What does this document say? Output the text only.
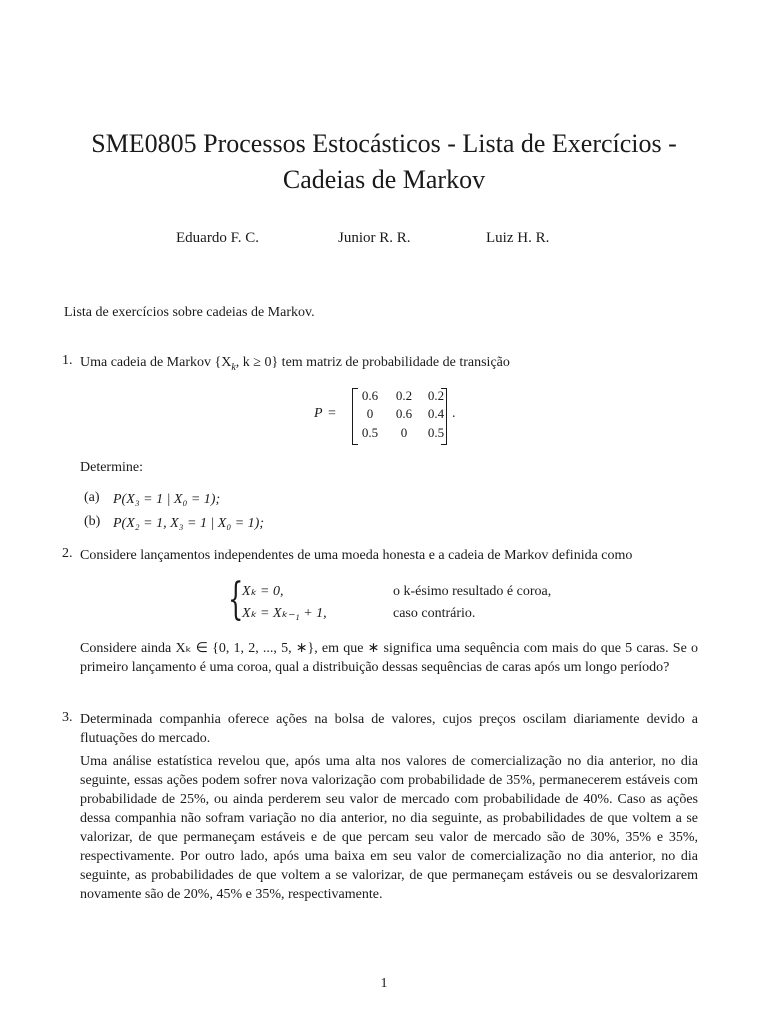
SME0805 Processos Estocásticos - Lista de Exercícios -
Cadeias de Markov
Eduardo F. C.	Junior R. R.	Luiz H. R.
Lista de exercícios sobre cadeias de Markov.
1. Uma cadeia de Markov {$X_k$, k ≥ 0} tem matriz de probabilidade de transição
P =
0.6	0.2	0.2
0	0.6	0.4
0.5	0	0.5
.
Determine:
(a) P(X₃ = 1 | X₀ = 1);
(b) P(X₂ = 1, X₃ = 1 | X₀ = 1);
2. Considere lançamentos independentes de uma moeda honesta e a cadeia de Markov definida como
{
Xₖ = 0,	o k-ésimo resultado é coroa,
Xₖ = Xₖ₋₁ + 1,	caso contrário.
Considere ainda Xₖ ∈ {0, 1, 2, ..., 5, ∗}, em que ∗ significa uma sequência com mais do que 5 caras. Se o primeiro lançamento é uma coroa, qual a distribuição dessas sequências de caras após um longo período?
3. Determinada companhia oferece ações na bolsa de valores, cujos preços oscilam diariamente devido a flutuações do mercado.
Uma análise estatística revelou que, após uma alta nos valores de comercialização no dia anterior, no dia seguinte, essas ações podem sofrer nova valorização com probabilidade de 35%, permanecerem estáveis com probabilidade de 25%, ou ainda perderem seu valor de mercado com probabilidade de 40%. Caso as ações dessa companhia não sofram variação no dia anterior, no dia seguinte, as probabilidades de que voltem a se valorizar, de que permaneçam estáveis e de que percam seu valor de mercado são de 30%, 35% e 35%, respectivamente. Por outro lado, após uma baixa em seu valor de comercialização no dia anterior, no dia seguinte, as probabilidades de que voltem a se valorizar, de que permaneçam estáveis ou se desvalorizarem novamente são de 20%, 45% e 35%, respectivamente.
1
